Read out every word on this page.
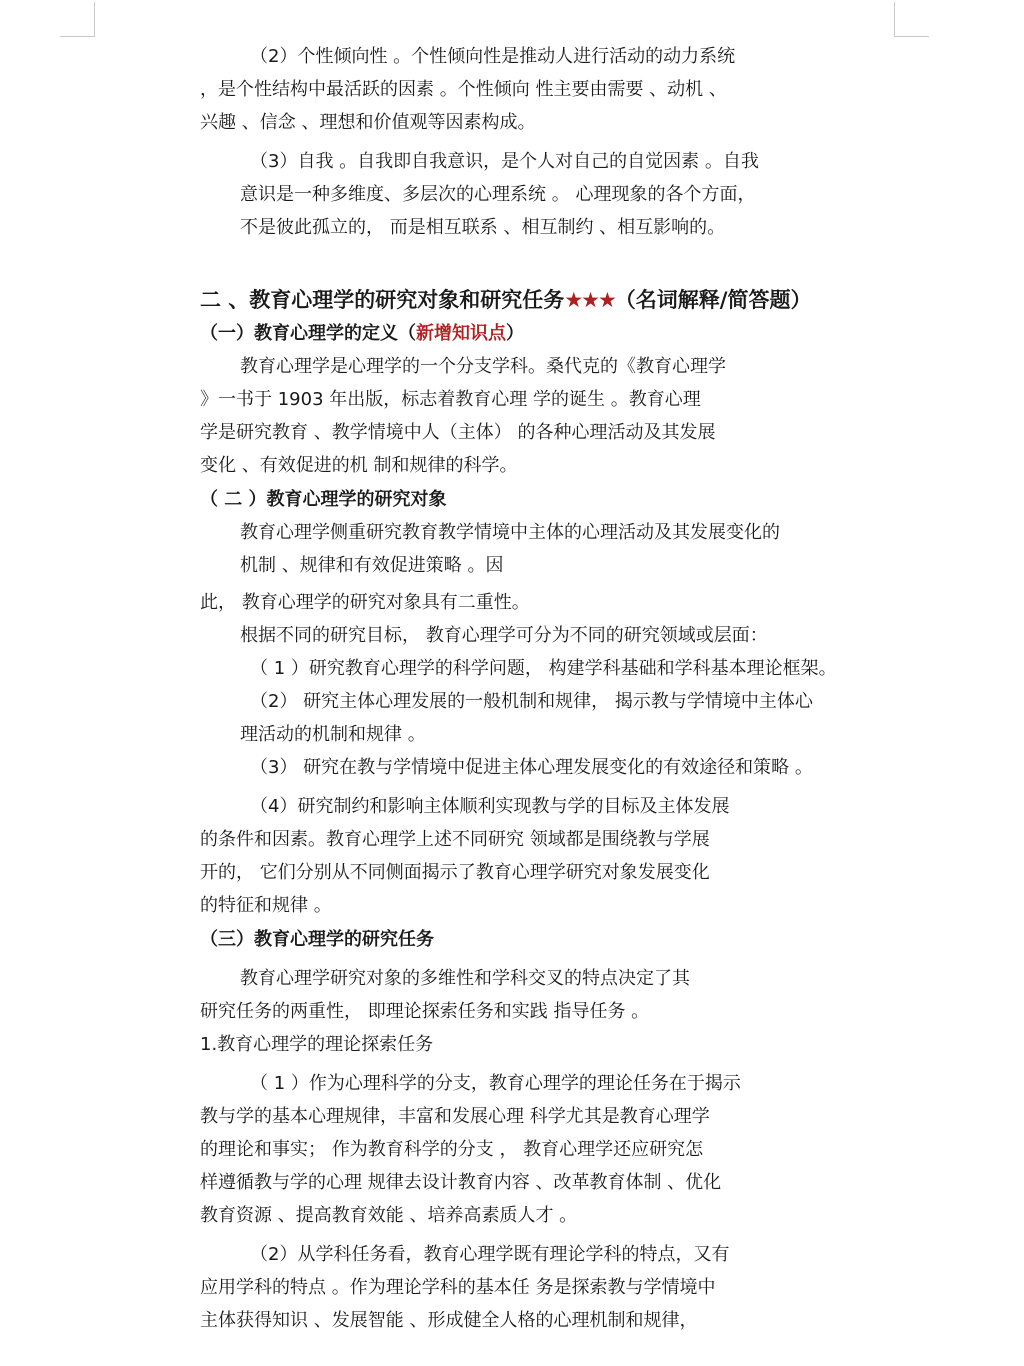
（2）个性倾向性 。个性倾向性是推动人进行活动的动力系统

，是个性结构中最活跃的因素 。个性倾向 性主要由需要 、动机 、

兴趣 、信念 、理想和价值观等因素构成。

（3）自我 。自我即自我意识，是个人对自己的自觉因素 。自我

意识是一种多维度、多层次的心理系统 。 心理现象的各个方面，

不是彼此孤立的， 而是相互联系 、相互制约 、相互影响的。

二 、教育心理学的研究对象和研究任务★★★（名词解释/简答题）
（一）教育心理学的定义（新增知识点）

教育心理学是心理学的一个分支学科。桑代克的《教育心理学

》一书于 1903 年出版，标志着教育心理 学的诞生 。教育心理

学是研究教育 、教学情境中人（主体） 的各种心理活动及其发展

变化 、有效促进的机 制和规律的科学。

（ 二 ）教育心理学的研究对象

教育心理学侧重研究教育教学情境中主体的心理活动及其发展变化的

机制 、规律和有效促进策略 。因

此， 教育心理学的研究对象具有二重性。

根据不同的研究目标， 教育心理学可分为不同的研究领域或层面：

（ 1 ）研究教育心理学的科学问题， 构建学科基础和学科基本理论框架。

（2） 研究主体心理发展的一般机制和规律， 揭示教与学情境中主体心

理活动的机制和规律 。

（3） 研究在教与学情境中促进主体心理发展变化的有效途径和策略 。

（4）研究制约和影响主体顺利实现教与学的目标及主体发展

的条件和因素。教育心理学上述不同研究 领域都是围绕教与学展

开的， 它们分别从不同侧面揭示了教育心理学研究对象发展变化

的特征和规律 。

（三）教育心理学的研究任务

教育心理学研究对象的多维性和学科交叉的特点决定了其

研究任务的两重性， 即理论探索任务和实践 指导任务 。

1.教育心理学的理论探索任务

（ 1 ）作为心理科学的分支，教育心理学的理论任务在于揭示

教与学的基本心理规律，丰富和发展心理 科学尤其是教育心理学

的理论和事实； 作为教育科学的分支 ， 教育心理学还应研究怎

样遵循教与学的心理 规律去设计教育内容 、改革教育体制 、优化

教育资源 、提高教育效能 、培养高素质人才 。

（2）从学科任务看，教育心理学既有理论学科的特点，又有

应用学科的特点 。作为理论学科的基本任 务是探索教与学情境中

主体获得知识 、发展智能 、形成健全人格的心理机制和规律，
